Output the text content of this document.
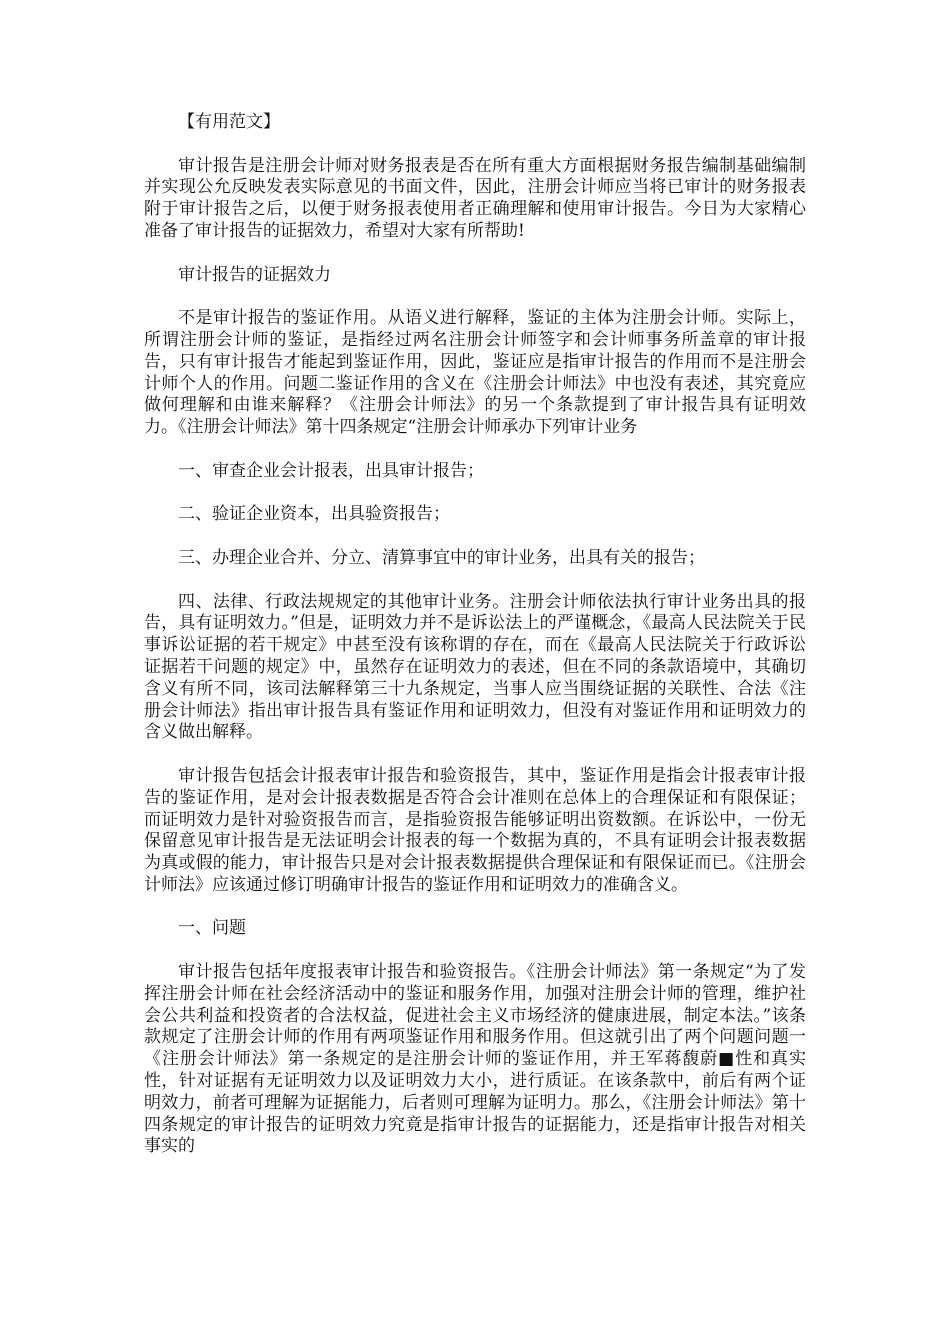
【有用范文】

审计报告是注册会计师对财务报表是否在所有重大方面根据财务报告编制基础编制并实现公允反映发表实际意见的书面文件，因此，注册会计师应当将已审计的财务报表附于审计报告之后，以便于财务报表使用者正确理解和使用审计报告。今日为大家精心准备了审计报告的证据效力，希望对大家有所帮助!

审计报告的证据效力

不是审计报告的鉴证作用。从语义进行解释，鉴证的主体为注册会计师。实际上，所谓注册会计师的鉴证，是指经过两名注册会计师签字和会计师事务所盖章的审计报告，只有审计报告才能起到鉴证作用，因此，鉴证应是指审计报告的作用而不是注册会计师个人的作用。问题二鉴证作用的含义在《注册会计师法》中也没有表述，其究竟应做何理解和由谁来解释？《注册会计师法》的另一个条款提到了审计报告具有证明效力。《注册会计师法》第十四条规定“注册会计师承办下列审计业务

一、审查企业会计报表，出具审计报告；

二、验证企业资本，出具验资报告；

三、办理企业合并、分立、清算事宜中的审计业务，出具有关的报告；

四、法律、行政法规规定的其他审计业务。注册会计师依法执行审计业务出具的报告，具有证明效力。”但是，证明效力并不是诉讼法上的严谨概念，《最高人民法院关于民事诉讼证据的若干规定》中甚至没有该称谓的存在，而在《最高人民法院关于行政诉讼证据若干问题的规定》中，虽然存在证明效力的表述，但在不同的条款语境中，其确切含义有所不同，该司法解释第三十九条规定，当事人应当围绕证据的关联性、合法《注册会计师法》指出审计报告具有鉴证作用和证明效力，但没有对鉴证作用和证明效力的含义做出解释。

审计报告包括会计报表审计报告和验资报告，其中，鉴证作用是指会计报表审计报告的鉴证作用，是对会计报表数据是否符合会计准则在总体上的合理保证和有限保证；而证明效力是针对验资报告而言，是指验资报告能够证明出资数额。在诉讼中，一份无保留意见审计报告是无法证明会计报表的每一个数据为真的，不具有证明会计报表数据为真或假的能力，审计报告只是对会计报表数据提供合理保证和有限保证而已。《注册会计师法》应该通过修订明确审计报告的鉴证作用和证明效力的准确含义。

一、问题

审计报告包括年度报表审计报告和验资报告。《注册会计师法》第一条规定“为了发挥注册会计师在社会经济活动中的鉴证和服务作用，加强对注册会计师的管理，维护社会公共利益和投资者的合法权益，促进社会主义市场经济的健康进展，制定本法。”该条款规定了注册会计师的作用有两项鉴证作用和服务作用。但这就引出了两个问题问题一《注册会计师法》第一条规定的是注册会计师的鉴证作用，并王军蒋馥蔚■性和真实性，针对证据有无证明效力以及证明效力大小，进行质证。在该条款中，前后有两个证明效力，前者可理解为证据能力，后者则可理解为证明力。那么，《注册会计师法》第十四条规定的审计报告的证明效力究竟是指审计报告的证据能力，还是指审计报告对相关事实的
